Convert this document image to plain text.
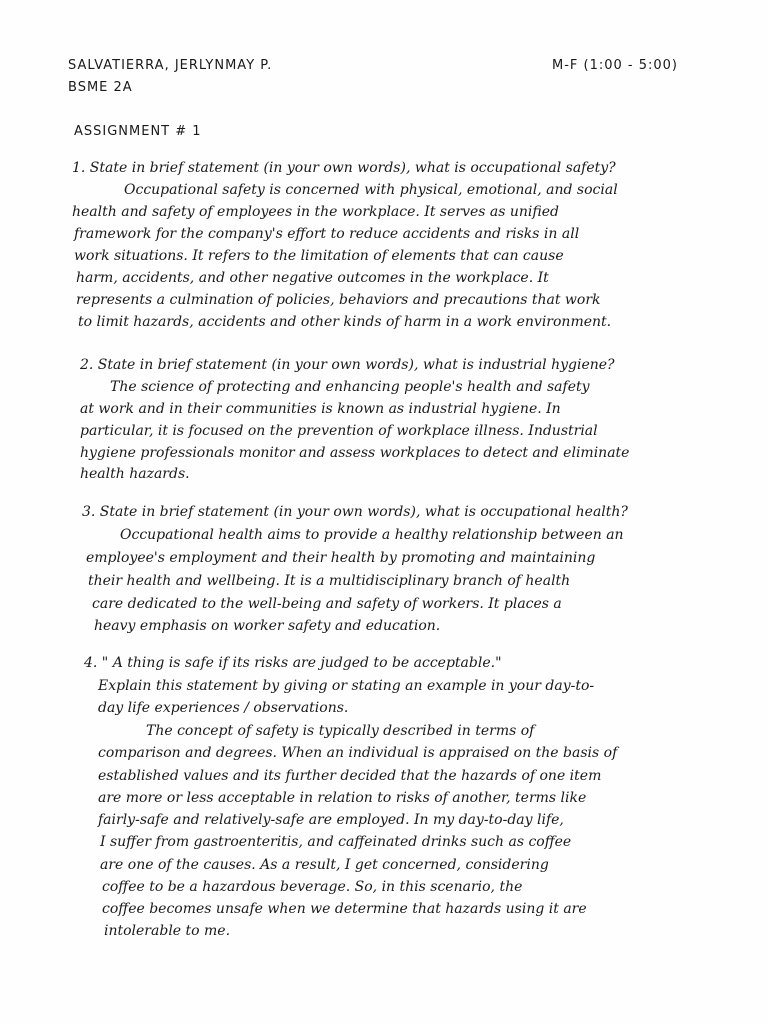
SALVATIERRA, JERLYNMAY P.	M-F (1:00 - 5:00)
BSME 2A
ASSIGNMENT # 1
1. State in brief statement (in your own words), what is occupational safety?
Occupational safety is concerned with physical, emotional, and social
health and safety of employees in the workplace. It serves as unified
framework for the company's effort to reduce accidents and risks in all
work situations. It refers to the limitation of elements that can cause
harm, accidents, and other negative outcomes in the workplace. It
represents a culmination of policies, behaviors and precautions that work
to limit hazards, accidents and other kinds of harm in a work environment.
2. State in brief statement (in your own words), what is industrial hygiene?
The science of protecting and enhancing people's health and safety
at work and in their communities is known as industrial hygiene. In
particular, it is focused on the prevention of workplace illness. Industrial
hygiene professionals monitor and assess workplaces to detect and eliminate
health hazards.
3. State in brief statement (in your own words), what is occupational health?
Occupational health aims to provide a healthy relationship between an
employee's employment and their health by promoting and maintaining
their health and wellbeing. It is a multidisciplinary branch of health
care dedicated to the well-being and safety of workers. It places a
heavy emphasis on worker safety and education.
4. " A thing is safe if its risks are judged to be acceptable."
Explain this statement by giving or stating an example in your day-to-
day life experiences / observations.
The concept of safety is typically described in terms of
comparison and degrees. When an individual is appraised on the basis of
established values and its further decided that the hazards of one item
are more or less acceptable in relation to risks of another, terms like
fairly-safe and relatively-safe are employed. In my day-to-day life,
I suffer from gastroenteritis, and caffeinated drinks such as coffee
are one of the causes. As a result, I get concerned, considering
coffee to be a hazardous beverage. So, in this scenario, the
coffee becomes unsafe when we determine that hazards using it are
intolerable to me.
